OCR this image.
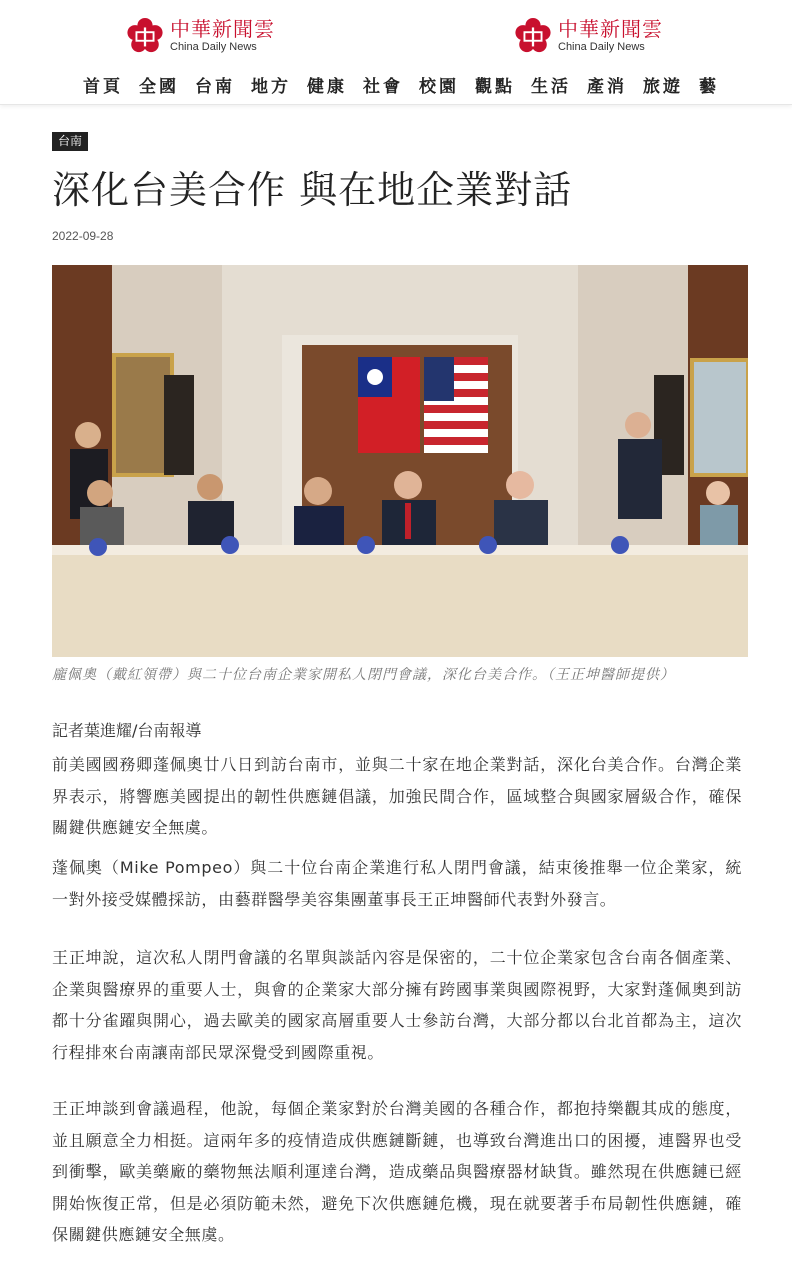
中華新聞雲
China Daily News
中華新聞雲
China Daily News
首頁 全國 台南 地方 健康 社會 校園 觀點 生活 產消 旅遊 藝
台南
深化台美合作 與在地企業對話
2022-09-28
龐佩奧（戴紅領帶）與二十位台南企業家開私人閉門會議，深化台美合作。（王正坤醫師提供）
記者葉進耀/台南報導

前美國國務卿蓬佩奧廿八日到訪台南市，並與二十家在地企業對話，深化台美合作。台灣企業界表示，將響應美國提出的韌性供應鏈倡議，加強民間合作，區域整合與國家層級合作，確保關鍵供應鏈安全無虞。

蓬佩奧（Mike Pompeo）與二十位台南企業進行私人閉門會議，結束後推舉一位企業家，統一對外接受媒體採訪，由藝群醫學美容集團董事長王正坤醫師代表對外發言。

王正坤說，這次私人閉門會議的名單與談話內容是保密的，二十位企業家包含台南各個產業、企業與醫療界的重要人士，與會的企業家大部分擁有跨國事業與國際視野，大家對蓬佩奧到訪都十分雀躍與開心，過去歐美的國家高層重要人士參訪台灣，大部分都以台北首都為主，這次行程排來台南讓南部民眾深覺受到國際重視。

王正坤談到會議過程，他說，每個企業家對於台灣美國的各種合作，都抱持樂觀其成的態度，並且願意全力相挺。這兩年多的疫情造成供應鏈斷鏈，也導致台灣進出口的困擾，連醫界也受到衝擊，歐美藥廠的藥物無法順利運達台灣，造成藥品與醫療器材缺貨。雖然現在供應鏈已經開始恢復正常，但是必須防範未然，避免下次供應鏈危機，現在就要著手布局韌性供應鏈，確保關鍵供應鏈安全無虞。
